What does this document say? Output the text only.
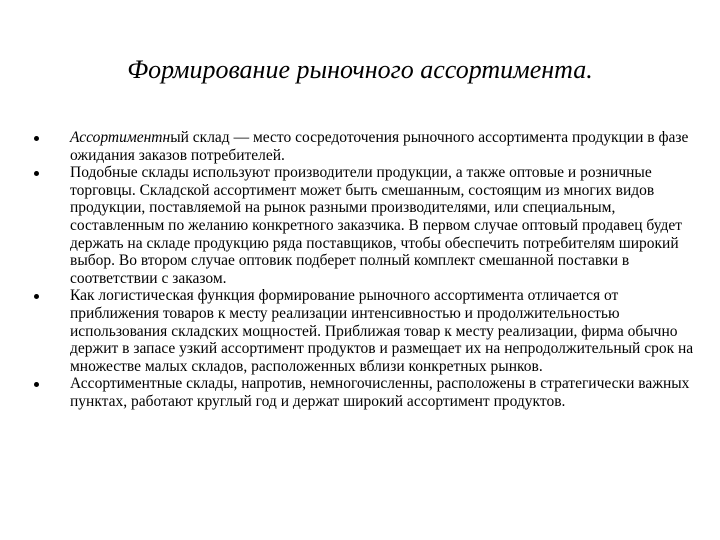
Формирование рыночного ассортимента.
Ассортиментный склад — место сосредоточения рыночного ассортимента продукции в фазе ожидания заказов потребителей.
Подобные склады используют производители продукции, а также оптовые и розничные торговцы. Складской ассортимент может быть смешанным, состоящим из многих видов продукции, поставляемой на рынок разными производителями, или специальным, составленным по желанию конкретного заказчика. В первом случае оптовый продавец будет держать на складе продукцию ряда поставщиков, чтобы обеспечить потребителям широкий выбор. Во втором случае оптовик подберет полный комплект смешанной поставки в соответствии с заказом.
Как логистическая функция формирование рыночного ассортимента отличается от приближения товаров к месту реализации интенсивностью и продолжительностью использования складских мощностей. Приближая товар к месту реализации, фирма обычно держит в запасе узкий ассортимент продуктов и размещает их на непродолжительный срок на множестве малых складов, расположенных вблизи конкретных рынков.
Ассортиментные склады, напротив, немногочисленны, расположены в стратегически важных пунктах, работают круглый год и держат широкий ассортимент продуктов.
